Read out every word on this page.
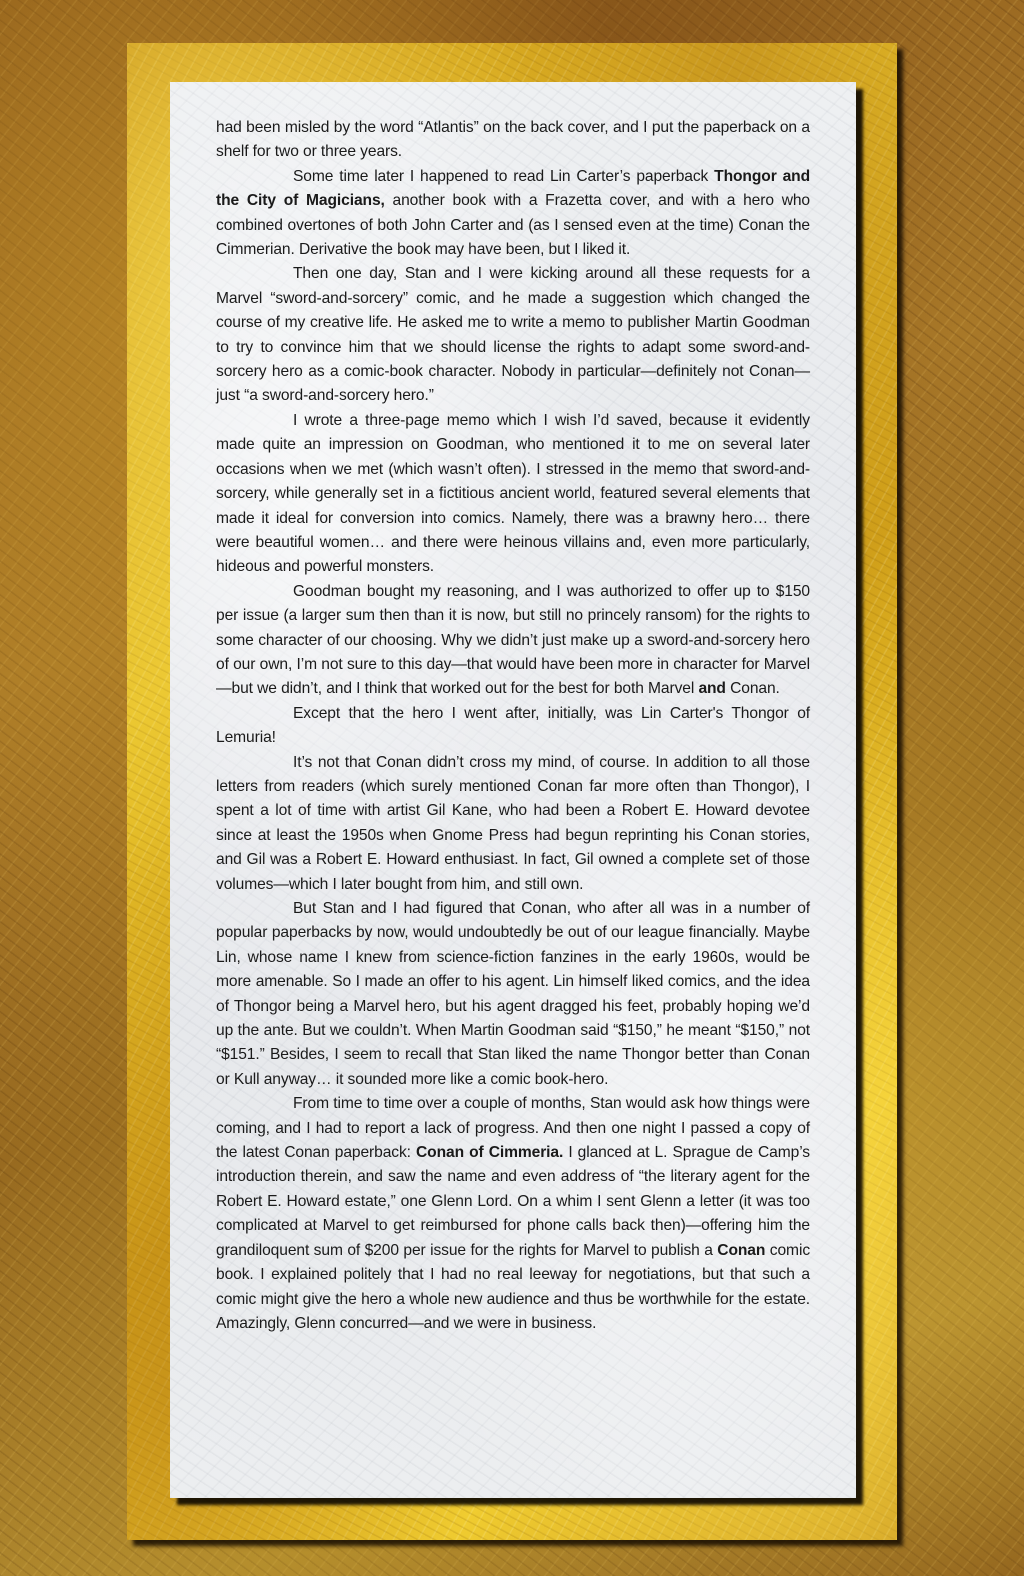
had been misled by the word “Atlantis” on the back cover, and I put the paperback on a shelf for two or three years.

Some time later I happened to read Lin Carter’s paperback Thongor and the City of Magicians, another book with a Frazetta cover, and with a hero who combined overtones of both John Carter and (as I sensed even at the time) Conan the Cimmerian. Derivative the book may have been, but I liked it.

Then one day, Stan and I were kicking around all these requests for a Marvel “sword-and-sorcery” comic, and he made a suggestion which changed the course of my creative life. He asked me to write a memo to publisher Martin Goodman to try to convince him that we should license the rights to adapt some sword-and-sorcery hero as a comic-book character. Nobody in particular—definitely not Conan—just “a sword-and-sorcery hero.”

I wrote a three-page memo which I wish I’d saved, because it evidently made quite an impression on Goodman, who mentioned it to me on several later occasions when we met (which wasn’t often). I stressed in the memo that sword-and-sorcery, while generally set in a fictitious ancient world, featured several elements that made it ideal for conversion into comics. Namely, there was a brawny hero… there were beautiful women… and there were heinous villains and, even more particularly, hideous and powerful monsters.

Goodman bought my reasoning, and I was authorized to offer up to $150 per issue (a larger sum then than it is now, but still no princely ransom) for the rights to some character of our choosing. Why we didn’t just make up a sword-and-sorcery hero of our own, I’m not sure to this day—that would have been more in character for Marvel—but we didn’t, and I think that worked out for the best for both Marvel and Conan.

Except that the hero I went after, initially, was Lin Carter's Thongor of Lemuria!

It’s not that Conan didn’t cross my mind, of course. In addition to all those letters from readers (which surely mentioned Conan far more often than Thongor), I spent a lot of time with artist Gil Kane, who had been a Robert E. Howard devotee since at least the 1950s when Gnome Press had begun reprinting his Conan stories, and Gil was a Robert E. Howard enthusiast. In fact, Gil owned a complete set of those volumes—which I later bought from him, and still own.

But Stan and I had figured that Conan, who after all was in a number of popular paperbacks by now, would undoubtedly be out of our league financially. Maybe Lin, whose name I knew from science-fiction fanzines in the early 1960s, would be more amenable. So I made an offer to his agent. Lin himself liked comics, and the idea of Thongor being a Marvel hero, but his agent dragged his feet, probably hoping we’d up the ante. But we couldn’t. When Martin Goodman said “$150,” he meant “$150,” not “$151.” Besides, I seem to recall that Stan liked the name Thongor better than Conan or Kull anyway… it sounded more like a comic book-hero.

From time to time over a couple of months, Stan would ask how things were coming, and I had to report a lack of progress. And then one night I passed a copy of the latest Conan paperback: Conan of Cimmeria. I glanced at L. Sprague de Camp’s introduction therein, and saw the name and even address of “the literary agent for the Robert E. Howard estate,” one Glenn Lord. On a whim I sent Glenn a letter (it was too complicated at Marvel to get reimbursed for phone calls back then)—offering him the grandiloquent sum of $200 per issue for the rights for Marvel to publish a Conan comic book. I explained politely that I had no real leeway for negotiations, but that such a comic might give the hero a whole new audience and thus be worthwhile for the estate. Amazingly, Glenn concurred—and we were in business.
